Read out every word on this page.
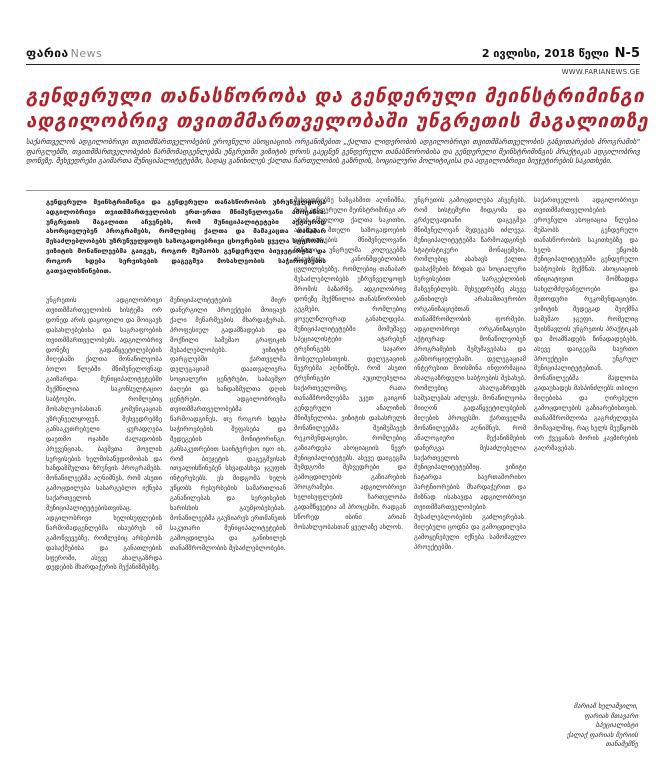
ფარია News	2 ივლისი, 2018 წელი N-5
WWW.FARIANEWS.GE
გენდერული თანასწორობა და გენდერული მეინსტრიმინგი
ადგილობრივ თვითმმართველობაში უნგრეთის მაგალითზე
საქართველოს ადგილობრივი თვითმმართველობების ეროვნული ასოციაციის ორგანიზებით „ქალთა ლიდერობის ადგილობრივი თვითმმართველობის განვითარების პროგრამის“ ფარგლებში, თვითმმართველობების წარმომადგენლებმა უნგრეთში ვიზიტის დროს გაეცნენ გენდერული თანასწორობისა და გენდერული მეინსტრიმინგის პრაქტიკას ადგილობრივ დონეზე. შეხვედრები გაიმართა მუნიციპალიტეტებში, სადაც განიხილეს ქალთა ჩართულობის გაზრდის, სოციალური პოლიტიკისა და ადგილობრივი ბიუჯეტირების საკითხები.
გენდერული მეინსტრიმინგი და გენდერული თანასწორობის უზრუნველყოფა ადგილობრივი თვითმმართველობის ერთ-ერთი მნიშვნელოვანი ამოცანაა. უნგრეთის მაგალითი აჩვენებს, რომ მუნიციპალიტეტები აქტიურად ახორციელებენ პროგრამებს, რომლებიც ქალთა და მამაკაცთა თანაბარ შესაძლებლობებს უზრუნველყოფს საზოგადოებრივი ცხოვრების ყველა სფეროში. ვიზიტის მონაწილეებმა გაიგეს, როგორ მუშაობს გენდერული ბიუჯეტირება და როგორ ხდება სერვისების დაგეგმვა მოსახლეობის საჭიროებების გათვალისწინებით.
უნგრეთის ადგილობრივი თვითმმართველობის სისტემა ორ დონედ არის დაყოფილი და მოიცავს დასახლებებისა და საგრაფოების თვითმმართველობებს. ადგილობრივ დონეზე გადაწყვეტილებების მიღებაში ქალთა მონაწილეობა ბოლო წლებში მნიშვნელოვნად გაიზარდა. მუნიციპალიტეტებში შექმნილია საკონსულტაციო საბჭოები, რომლებიც მოსახლეობასთან კომუნიკაციას უზრუნველყოფენ. შეხვედრებზე განსაკუთრებული ყურადღება დაეთმო ოჯახში ძალადობის პრევენციას, ბავშვთა მოვლის სერვისების ხელმისაწვდომობას და ხანდაზმულთა ზრუნვის პროგრამებს. მონაწილეებმა აღნიშნეს, რომ ასეთი გამოცდილება სასარგებლო იქნება საქართველოს მუნიციპალიტეტებისთვისაც. ადგილობრივი ხელისუფლების წარმომადგენლებმა ისაუბრეს იმ გამოწვევებზე, რომლებიც არსებობს დასაქმებისა და განათლების სფეროში, ასევე ახალგაზრდა დედების მხარდაჭერის მექანიზმებზე.
მუნიციპალიტეტების მიერ დანერგილი პროექტები მოიცავს ქალი მეწარმეების მხარდაჭერას, პროფესიულ გადამზადებას და მოქნილი სამუშაო გრაფიკის შესაძლებლობებს. ვიზიტის ფარგლებში ქართველმა დელეგაციამ დაათვალიერა სოციალური ცენტრები, საბავშვო ბაღები და ხანდაზმულთა დღის ცენტრები. ადგილობრივმა თვითმმართველობებმა წარმოადგინეს, თუ როგორ ხდება საჭიროებების შეფასება და შედეგების მონიტორინგი. განსაკუთრებით საინტერესო იყო ის, რომ ბიუჯეტის დაგეგმვისას ითვალისწინებენ სხვადასხვა ჯგუფის ინტერესებს. ეს მიდგომა ხელს უწყობს რესურსების სამართლიან განაწილებას და სერვისების ხარისხის გაუმჯობესებას. მონაწილეებმა გაუზიარეს ერთმანეთს საკუთარი მუნიციპალიტეტების გამოცდილება და განიხილეს თანამშრომლობის შესაძლებლობები.
შეხვედრებზე ხაზგასმით აღინიშნა, რომ გენდერული მეინსტრიმინგი არ არის მხოლოდ ქალთა საკითხი, არამედ მთელი საზოგადოების განვითარების მნიშვნელოვანი ნაწილი. უნგრელმა კოლეგებმა ისაუბრეს კანონმდებლობის ცვლილებებზე, რომლებიც თანაბარ შესაძლებლობებს უზრუნველყოფს შრომის ბაზარზე. ადგილობრივ დონეზე შექმნილია თანასწორობის გეგმები, რომლებიც ყოველწლიურად განახლდება. მუნიციპალიტეტებში მომუშავე სპეციალისტები ატარებენ ტრენინგებს საჯარო მოხელეებისთვის. დელეგაციის წევრებმა აღნიშნეს, რომ ასეთი ტრენინგები აუცილებელია საქართველოშიც, რათა თანამშრომლებმა უკეთ გაიგონ გენდერული ანალიზის მნიშვნელობა. ვიზიტის დასასრულს მონაწილეებმა შეიმუშავეს რეკომენდაციები, რომლებიც გაზიარდება ასოციაციის წევრ მუნიციპალიტეტებს. ასევე დაიგეგმა შემდგომი შეხვედრები და გამოცდილების გაზიარების პროგრამები. ადგილობრივი ხელისუფლების ჩართულობა გადამწყვეტია ამ პროცესში, რადგან სწორედ ისინი არიან მოსახლეობასთან ყველაზე ახლოს.
უნგრეთის გამოცდილება აჩვენებს, რომ სისტემური მიდგომა და გრძელვადიანი დაგეგმვა მნიშვნელოვან შედეგებს იძლევა. მუნიციპალიტეტებმა წარმოადგინეს სტატისტიკური მონაცემები, რომლებიც ასახავს ქალთა დასაქმების ზრდას და სოციალური სერვისებით სარგებლობის მაჩვენებლებს. შეხვედრებზე ასევე განიხილეს არასამთავრობო ორგანიზაციებთან თანამშრომლობის ფორმები. ადგილობრივი ორგანიზაციები აქტიურად მონაწილეობენ პროგრამების შემუშავებასა და განხორციელებაში. დელეგაციამ ინტერესით მოისმინა ინფორმაცია ახალგაზრდული საბჭოების შესახებ, რომლებიც ახალგაზრდებს საშუალებას აძლევს, მონაწილეობა მიიღონ გადაწყვეტილებების მიღების პროცესში. ქართველმა მონაწილეებმა აღნიშნეს, რომ ანალოგიური მექანიზმების დანერგვა შესაძლებელია საქართველოს მუნიციპალიტეტებშიც. ვიზიტი ჩატარდა საერთაშორისო პარტნიორების მხარდაჭერით და მიზნად ისახავდა ადგილობრივი თვითმმართველობების შესაძლებლობების გაძლიერებას. მიღებული ცოდნა და გამოცდილება გამოყენებული იქნება სამომავლო პროექტებში.
საქართველოს ადგილობრივი თვითმმართველობების ეროვნული ასოციაცია წლებია მუშაობს გენდერული თანასწორობის საკითხებზე და ხელს უწყობს მუნიციპალიტეტებში გენდერული საბჭოების შექმნას. ასოციაციის ინიციატივით მომზადდა სახელმძღვანელოები და მეთოდური რეკომენდაციები. ვიზიტის შედეგად შეიქმნა სამუშაო ჯგუფი, რომელიც შეისწავლის უნგრეთის პრაქტიკას და მოამზადებს წინადადებებს. ასევე დაიგეგმა საერთო პროექტები უნგრულ მუნიციპალიტეტებთან. მონაწილეებმა მადლობა გადაუხადეს მასპინძლებს თბილი მიღებისა და ღირებული გამოცდილების გაზიარებისთვის. თანამშრომლობა გაგრძელდება მომავალშიც, რაც ხელს შეუწყობს ორ ქვეყანას შორის კავშირების გაღრმავებას.
მარიამ ხელაშვილი,
ფარიას მთავარი
სპეციალისტი
ქალაქ ფარიას მერიის
თანაშემწე
